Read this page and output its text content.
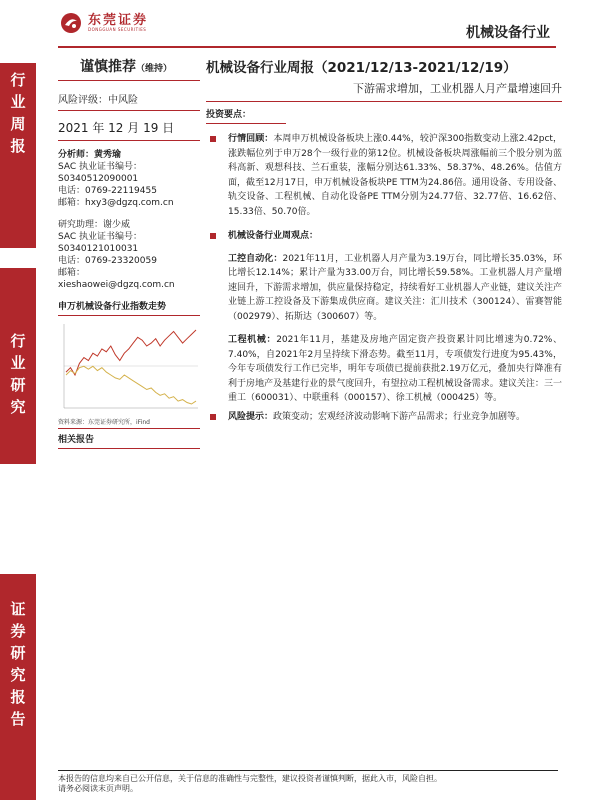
东莞证券
DONGGUAN SECURITIES	机械设备行业
行业周报
行业研究
证券研究报告
谨慎推荐（维持）
风险评级：中风险
2021 年 12 月 19 日
分析师：黄秀瑜
SAC 执业证书编号：
S0340512090001
电话：0769-22119455
邮箱：hxy3@dgzq.com.cn
研究助理：谢少威
SAC 执业证书编号：
S0340121010031
电话：0769-23320059
邮箱：
xieshaowei@dgzq.com.cn
申万机械设备行业指数走势
资料来源：东莞证券研究所，iFind
相关报告
机械设备行业周报（2021/12/13-2021/12/19）
下游需求增加，工业机器人月产量增速回升
投资要点：
行情回顾：本周申万机械设备板块上涨0.44%，较沪深300指数变动上涨2.42pct，涨跌幅位列于申万28个一级行业的第12位。机械设备板块周涨幅前三个股分别为蓝科高新、观想科技、兰石重装，涨幅分别达61.33%、58.37%、48.26%。估值方面，截至12月17日，申万机械设备板块PE TTM为24.86倍。通用设备、专用设备、轨交设备、工程机械、自动化设备PE TTM分别为24.77倍、32.77倍、16.62倍、15.33倍、50.70倍。
机械设备行业周观点：
工控自动化：2021年11月，工业机器人月产量为3.19万台，同比增长35.03%，环比增长12.14%；累计产量为33.00万台，同比增长59.58%。工业机器人月产量增速回升，下游需求增加，供应量保持稳定，持续看好工业机器人产业链，建议关注产业链上游工控设备及下游集成供应商。建议关注：汇川技术（300124）、雷赛智能（002979）、拓斯达（300607）等。
工程机械：2021年11月，基建及房地产固定资产投资累计同比增速为0.72%、7.40%，自2021年2月呈持续下滑态势。截至11月，专项债发行进度为95.43%，今年专项债发行工作已完毕，明年专项债已提前获批2.19万亿元，叠加央行降准有利于房地产及基建行业的景气度回升，有望拉动工程机械设备需求。建议关注：三一重工（600031）、中联重科（000157）、徐工机械（000425）等。
风险提示：政策变动；宏观经济波动影响下游产品需求；行业竞争加剧等。
本报告的信息均来自已公开信息，关于信息的准确性与完整性，建议投资者谨慎判断，据此入市，风险自担。
请务必阅读末页声明。
